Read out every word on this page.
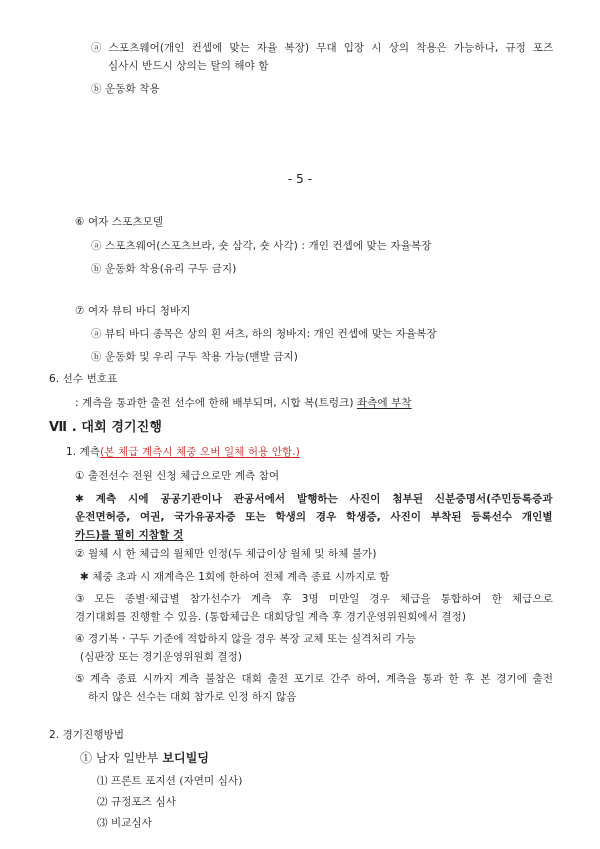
ⓐ 스포츠웨어(개인 컨셉에 맞는 자율 복장) 무대 입장 시 상의 착용은 가능하나, 규정 포즈
심사시 반드시 상의는 탈의 해야 함
ⓑ 운동화 착용
- 5 -
⑥ 여자 스포츠모델
ⓐ 스포츠웨어(스포츠브라, 숏 삼각, 숏 사각) : 개인 컨셉에 맞는 자율복장
ⓑ 운동화 착용(유리 구두 금지)
⑦ 여자 뷰티 바디 청바지
ⓐ 뷰티 바디 종목은 상의 흰 셔츠, 하의 청바지: 개인 컨셉에 맞는 자율복장
ⓑ 운동화 및 우리 구두 착용 가능(맨발 금지)
6. 선수 번호표
: 계측을 통과한 출전 선수에 한해 배부되며, 시합 복(트렁크) 좌측에 부착
Ⅶ . 대회 경기진행
1. 계측(본 체급 계측시 체중 오버 일체 허용 안함.)
① 출전선수 전원 신청 체급으로만 계측 참여
✱ 계측 시에 공공기관이나 관공서에서 발행하는 사진이 첨부된 신분증명서(주민등록증과
운전면허증, 여권, 국가유공자증 또는 학생의 경우 학생증, 사진이 부착된 등록선수 개인별
카드)를 필히 지참할 것
② 월체 시 한 체급의 월체만 인정(두 체급이상 월체 및 하체 불가)
✱ 체중 초과 시 재계측은 1회에 한하여 전체 계측 종료 시까지로 함
③ 모든 종별·체급별 참가선수가 계측 후 3명 미만일 경우 체급을 통합하여 한 체급으로
경기대회를 진행할 수 있음. (통합체급은 대회당일 계측 후 경기운영위원회에서 결정)
④ 경기복ㆍ구두 기준에 적합하지 않을 경우 복장 교체 또는 실격처리 가능
(심판장 또는 경기운영위원회 결정)
⑤ 계측 종료 시까지 계측 불참은 대회 출전 포기로 간주 하여, 계측을 통과 한 후 본 경기에 출전
하지 않은 선수는 대회 참가로 인정 하지 않음
2. 경기진행방법
① 남자 일반부 보디빌딩
⑴ 프론트 포지션 (자연미 심사)
⑵ 규정포즈 심사
⑶ 비교심사
